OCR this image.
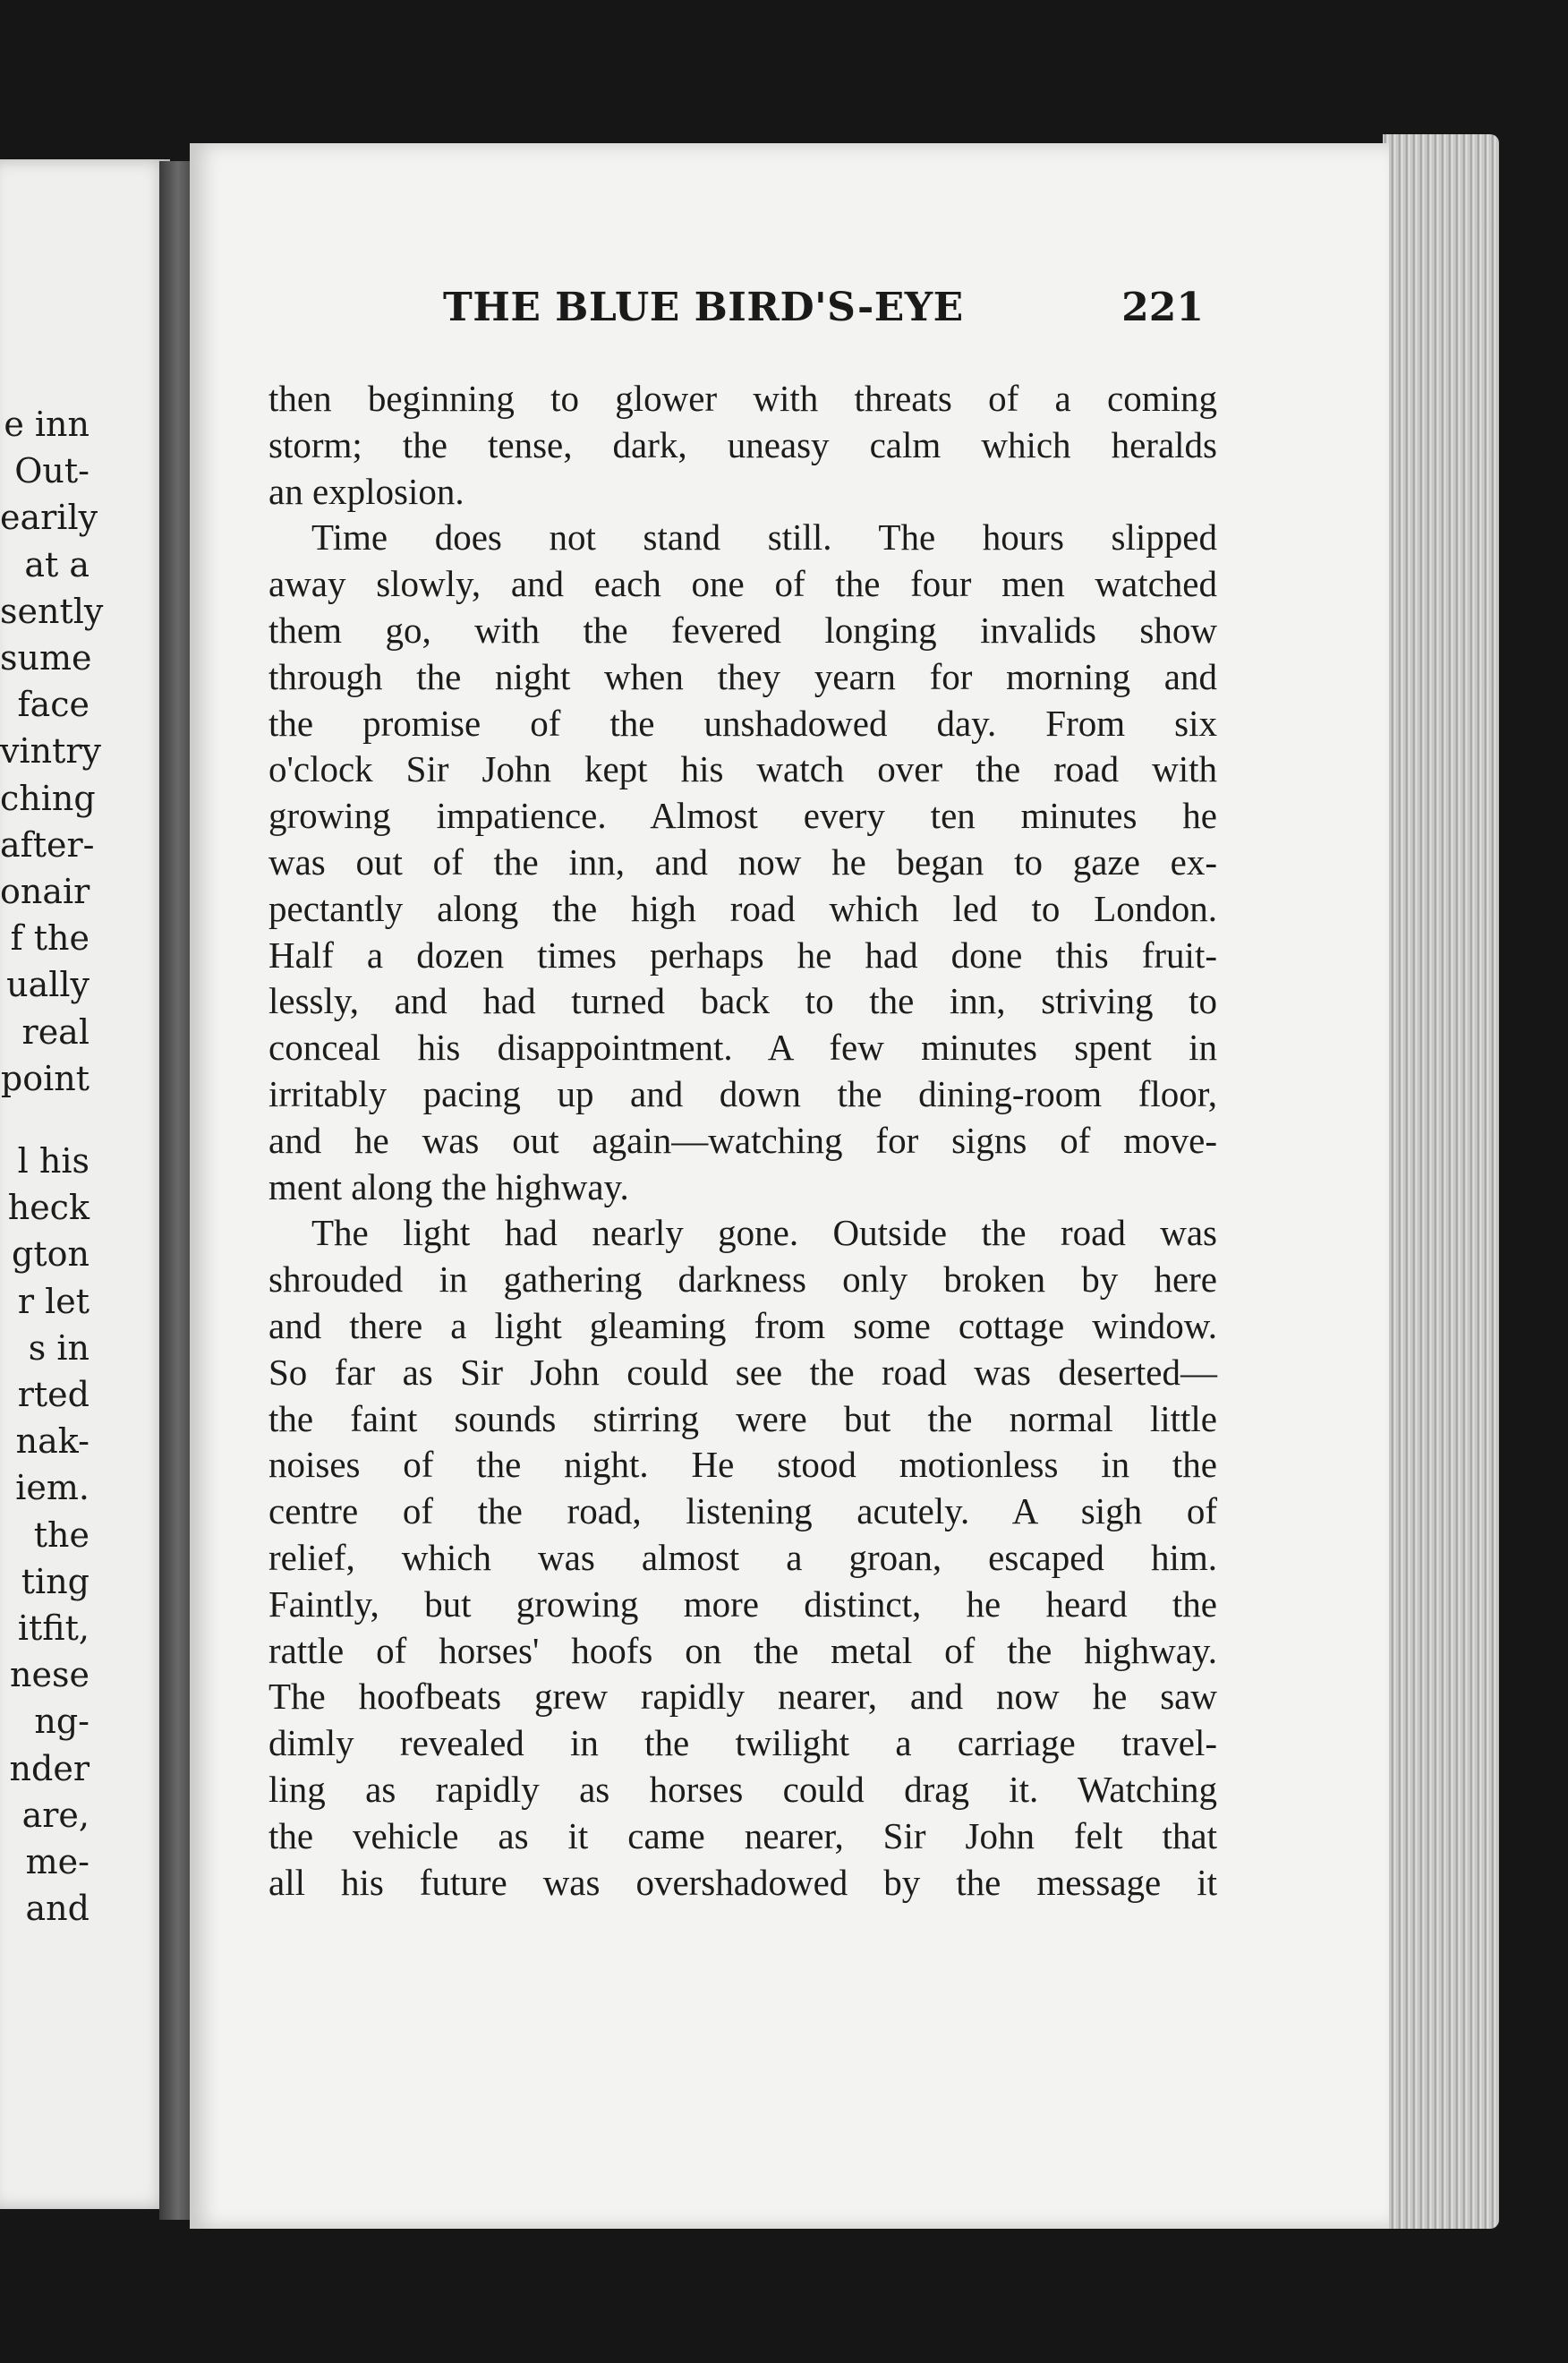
e inn
Out-
earily
at a
sently
sume
face
vintry
ching
after-
onair
f the
ually
real
point
l his
heck
gton
r let
s in
rted
nak-
iem.
the
ting
itfit,
nese
ng-
nder
are,
me-
and
THE BLUE BIRD'S-EYE	221
then beginning to glower with threats of a coming
storm; the tense, dark, uneasy calm which heralds
an explosion.
Time does not stand still. The hours slipped
away slowly, and each one of the four men watched
them go, with the fevered longing invalids show
through the night when they yearn for morning and
the promise of the unshadowed day. From six
o'clock Sir John kept his watch over the road with
growing impatience. Almost every ten minutes he
was out of the inn, and now he began to gaze ex-
pectantly along the high road which led to London.
Half a dozen times perhaps he had done this fruit-
lessly, and had turned back to the inn, striving to
conceal his disappointment. A few minutes spent in
irritably pacing up and down the dining-room floor,
and he was out again—watching for signs of move-
ment along the highway.
The light had nearly gone. Outside the road was
shrouded in gathering darkness only broken by here
and there a light gleaming from some cottage window.
So far as Sir John could see the road was deserted—
the faint sounds stirring were but the normal little
noises of the night. He stood motionless in the
centre of the road, listening acutely. A sigh of
relief, which was almost a groan, escaped him.
Faintly, but growing more distinct, he heard the
rattle of horses' hoofs on the metal of the highway.
The hoofbeats grew rapidly nearer, and now he saw
dimly revealed in the twilight a carriage travel-
ling as rapidly as horses could drag it. Watching
the vehicle as it came nearer, Sir John felt that
all his future was overshadowed by the message it
